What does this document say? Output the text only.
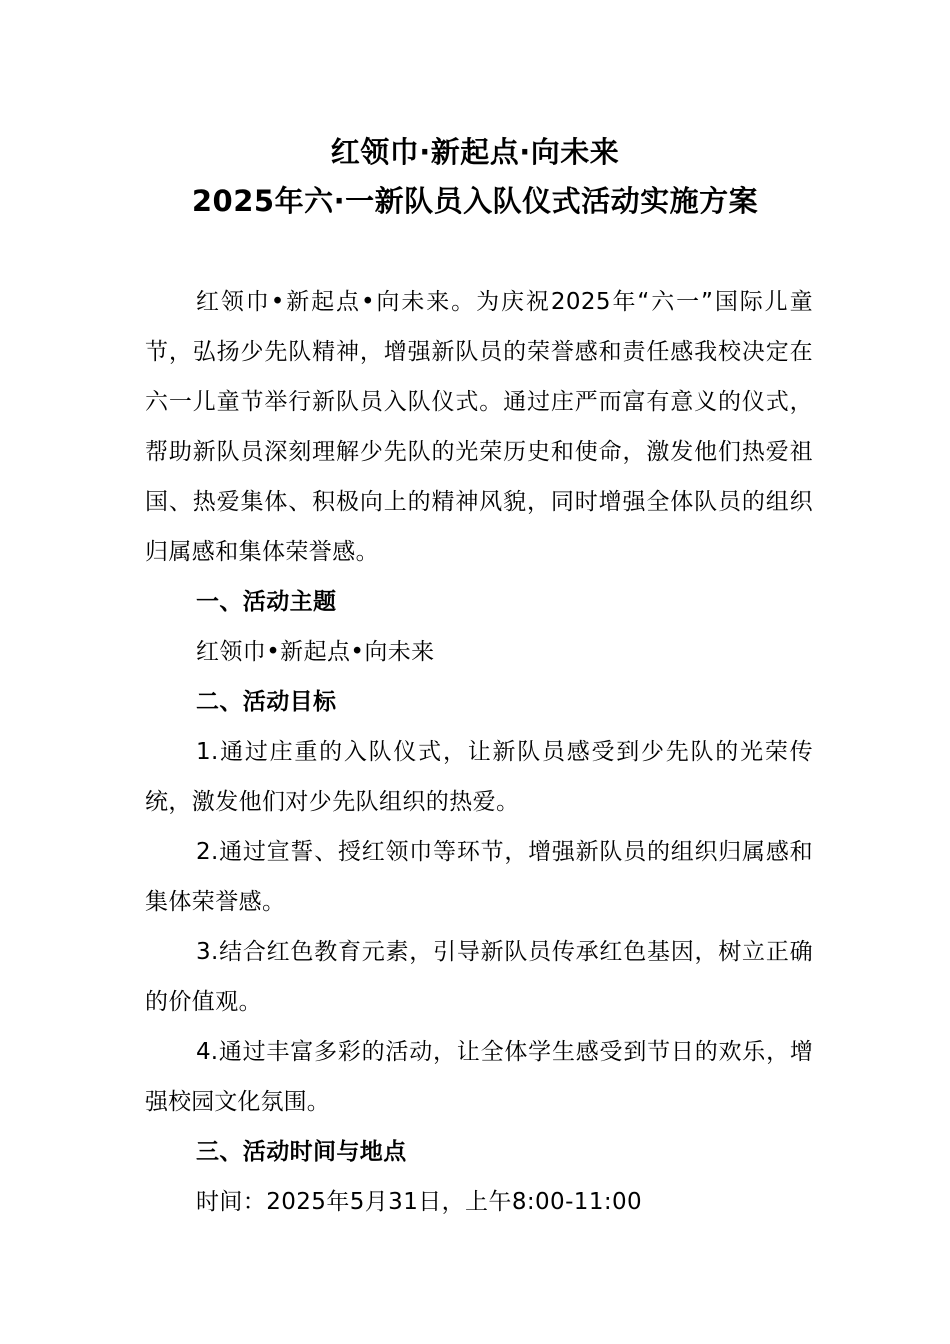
红领巾·新起点·向未来
2025年六·一新队员入队仪式活动实施方案

红领巾•新起点•向未来。为庆祝2025年“六一”国际儿童节，弘扬少先队精神，增强新队员的荣誉感和责任感我校决定在六一儿童节举行新队员入队仪式。通过庄严而富有意义的仪式，帮助新队员深刻理解少先队的光荣历史和使命，激发他们热爱祖国、热爱集体、积极向上的精神风貌，同时增强全体队员的组织归属感和集体荣誉感。

一、活动主题

红领巾•新起点•向未来

二、活动目标

1.通过庄重的入队仪式，让新队员感受到少先队的光荣传统，激发他们对少先队组织的热爱。

2.通过宣誓、授红领巾等环节，增强新队员的组织归属感和集体荣誉感。

3.结合红色教育元素，引导新队员传承红色基因，树立正确的价值观。

4.通过丰富多彩的活动，让全体学生感受到节日的欢乐，增强校园文化氛围。

三、活动时间与地点

时间：2025年5月31日，上午8:00-11:00
